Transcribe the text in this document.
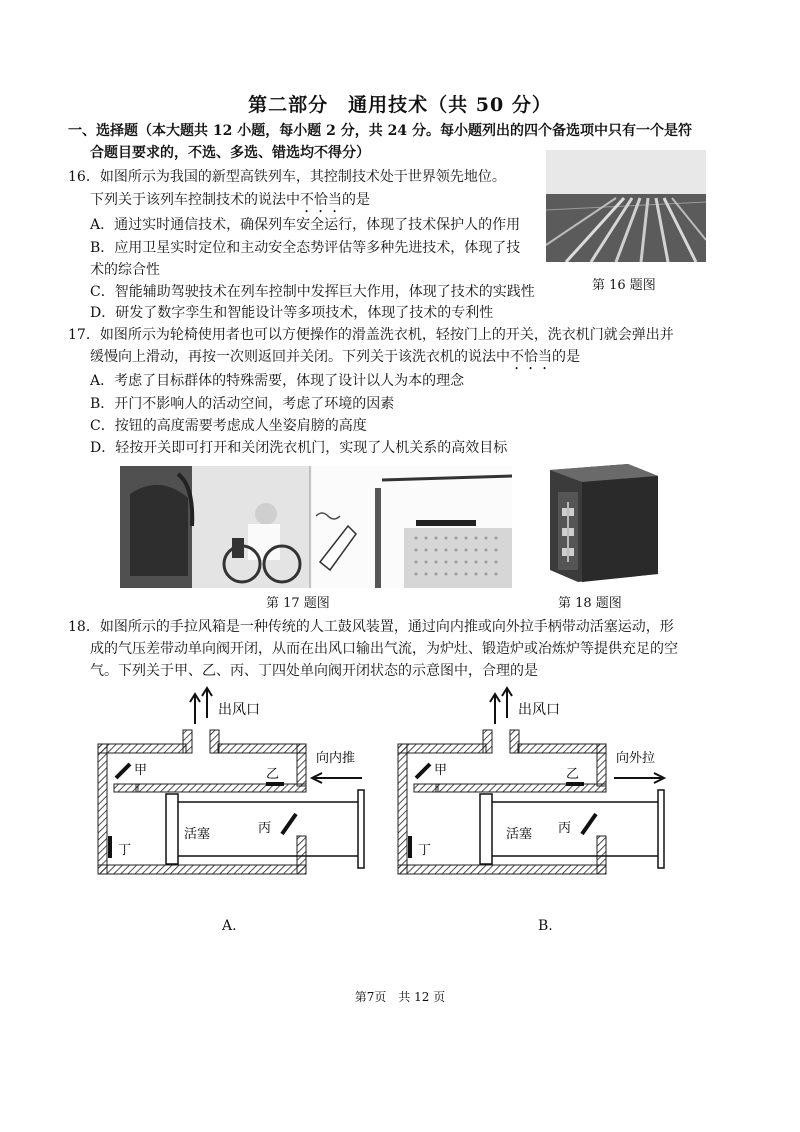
第二部分　通用技术（共 50 分）
一、选择题（本大题共 12 小题，每小题 2 分，共 24 分。每小题列出的四个备选项中只有一个是符
合题目要求的，不选、多选、错选均不得分）
16．如图所示为我国的新型高铁列车，其控制技术处于世界领先地位。
下列关于该列车控制技术的说法中不恰当的是
A．通过实时通信技术，确保列车安全运行，体现了技术保护人的作用
B．应用卫星实时定位和主动安全态势评估等多种先进技术，体现了技
术的综合性
C．智能辅助驾驶技术在列车控制中发挥巨大作用，体现了技术的实践性
D．研发了数字孪生和智能设计等多项技术，体现了技术的专利性
第 16 题图
17．如图所示为轮椅使用者也可以方便操作的滑盖洗衣机，轻按门上的开关，洗衣机门就会弹出并
缓慢向上滑动，再按一次则返回并关闭。下列关于该洗衣机的说法中不恰当的是
A．考虑了目标群体的特殊需要，体现了设计以人为本的理念
B．开门不影响人的活动空间，考虑了环境的因素
C．按钮的高度需要考虑成人坐姿肩膀的高度
D．轻按开关即可打开和关闭洗衣机门，实现了人机关系的高效目标
第 17 题图	第 18 题图
18．如图所示的手拉风箱是一种传统的人工鼓风装置，通过向内推或向外拉手柄带动活塞运动，形
成的气压差带动单向阀开闭，从而在出风口输出气流，为炉灶、锻造炉或冶炼炉等提供充足的空
气。下列关于甲、乙、丙、丁四处单向阀开闭状态的示意图中，合理的是
出风口
甲	乙
丙
丁
活塞
向内推
A.
出风口
甲	乙
丙
丁
活塞
向外拉
B.
第7页　共 12 页
